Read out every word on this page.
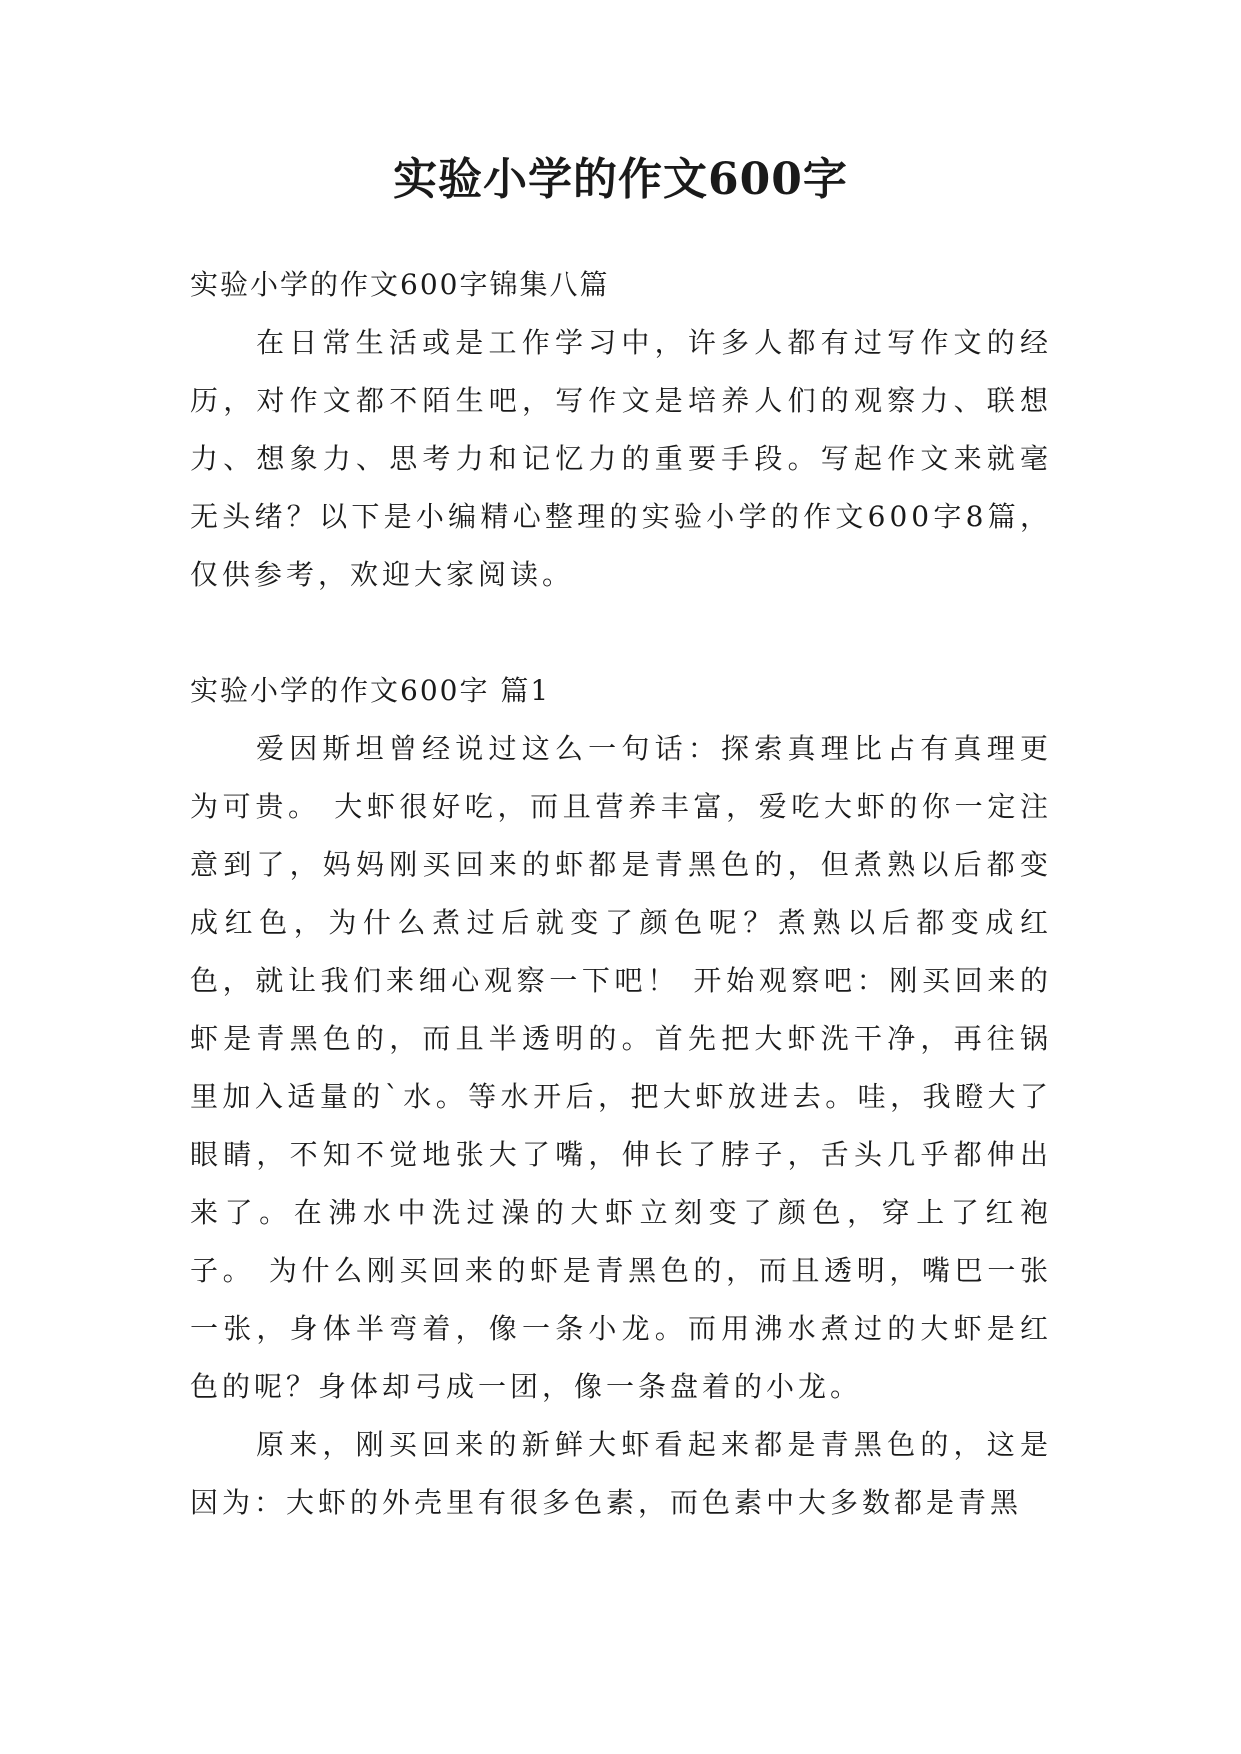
实验小学的作文600字

实验小学的作文600字锦集八篇

在日常生活或是工作学习中，许多人都有过写作文的经历，对作文都不陌生吧，写作文是培养人们的观察力、联想力、想象力、思考力和记忆力的重要手段。写起作文来就毫无头绪？以下是小编精心整理的实验小学的作文600字8篇，仅供参考，欢迎大家阅读。

实验小学的作文600字 篇1

爱因斯坦曾经说过这么一句话：探索真理比占有真理更为可贵。 大虾很好吃，而且营养丰富，爱吃大虾的你一定注意到了，妈妈刚买回来的虾都是青黑色的，但煮熟以后都变成红色，为什么煮过后就变了颜色呢？煮熟以后都变成红色，就让我们来细心观察一下吧！ 开始观察吧：刚买回来的虾是青黑色的，而且半透明的。首先把大虾洗干净，再往锅里加入适量的`水。等水开后，把大虾放进去。哇，我瞪大了眼睛，不知不觉地张大了嘴，伸长了脖子，舌头几乎都伸出来了。在沸水中洗过澡的大虾立刻变了颜色，穿上了红袍子。 为什么刚买回来的虾是青黑色的，而且透明，嘴巴一张一张，身体半弯着，像一条小龙。而用沸水煮过的大虾是红色的呢？身体却弓成一团，像一条盘着的小龙。

原来，刚买回来的新鲜大虾看起来都是青黑色的，这是因为：大虾的外壳里有很多色素，而色素中大多数都是青黑
